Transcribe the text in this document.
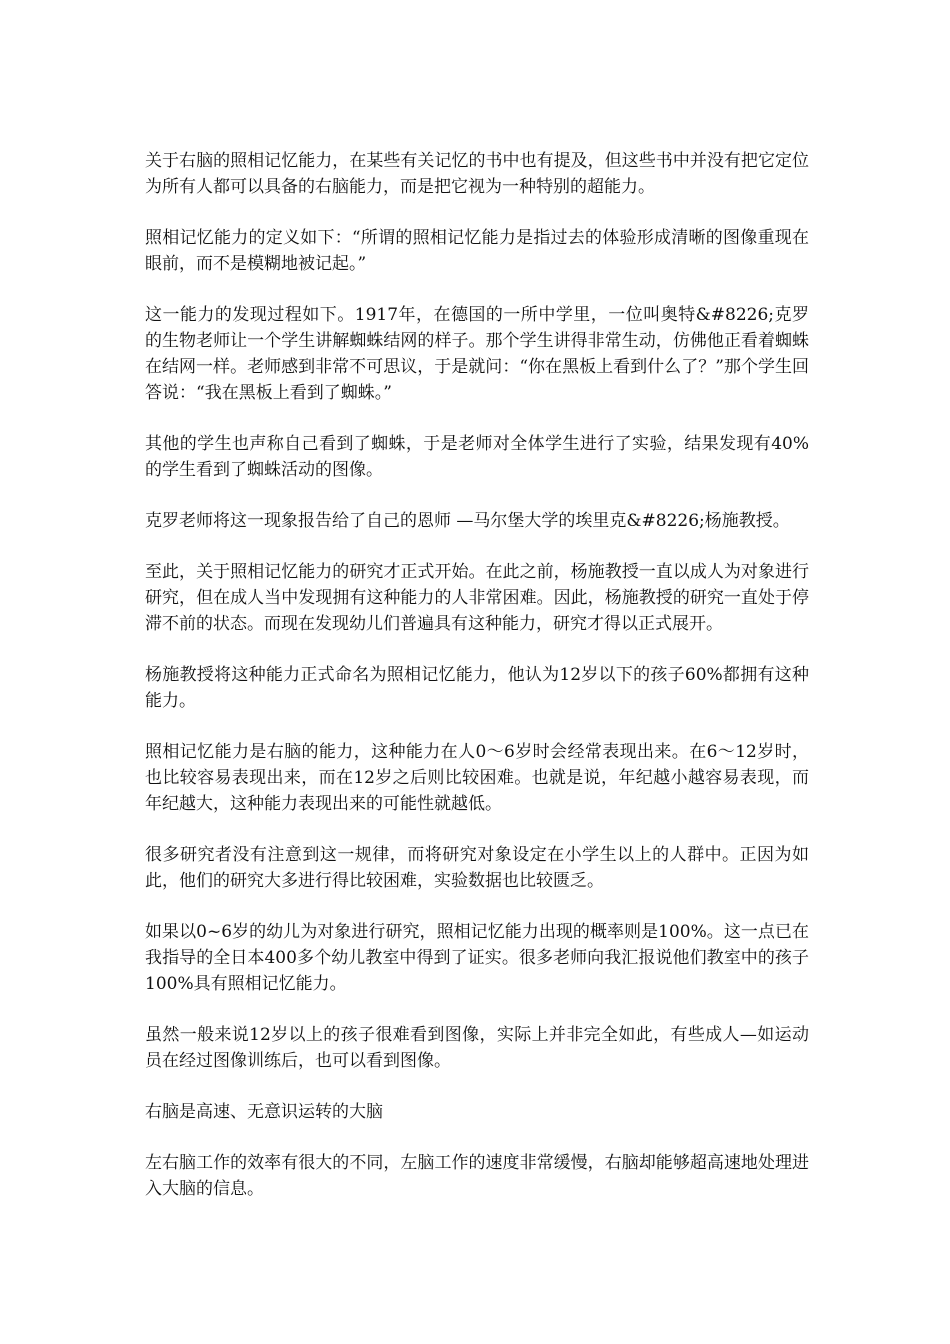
关于右脑的照相记忆能力，在某些有关记忆的书中也有提及，但这些书中并没有把它定位为所有人都可以具备的右脑能力，而是把它视为一种特别的超能力。

照相记忆能力的定义如下：“所谓的照相记忆能力是指过去的体验形成清晰的图像重现在眼前，而不是模糊地被记起。”

这一能力的发现过程如下。1917年，在德国的一所中学里，一位叫奥特&#8226;克罗的生物老师让一个学生讲解蜘蛛结网的样子。那个学生讲得非常生动，仿佛他正看着蜘蛛在结网一样。老师感到非常不可思议，于是就问：“你在黑板上看到什么了？”那个学生回答说：“我在黑板上看到了蜘蛛。”

其他的学生也声称自己看到了蜘蛛，于是老师对全体学生进行了实验，结果发现有40%的学生看到了蜘蛛活动的图像。

克罗老师将这一现象报告给了自己的恩师 —马尔堡大学的埃里克&#8226;杨施教授。

至此，关于照相记忆能力的研究才正式开始。在此之前，杨施教授一直以成人为对象进行研究，但在成人当中发现拥有这种能力的人非常困难。因此，杨施教授的研究一直处于停滞不前的状态。而现在发现幼儿们普遍具有这种能力，研究才得以正式展开。

杨施教授将这种能力正式命名为照相记忆能力，他认为12岁以下的孩子60%都拥有这种能力。

照相记忆能力是右脑的能力，这种能力在人0～6岁时会经常表现出来。在6～12岁时，也比较容易表现出来，而在12岁之后则比较困难。也就是说，年纪越小越容易表现，而年纪越大，这种能力表现出来的可能性就越低。

很多研究者没有注意到这一规律，而将研究对象设定在小学生以上的人群中。正因为如此，他们的研究大多进行得比较困难，实验数据也比较匮乏。

如果以0~6岁的幼儿为对象进行研究，照相记忆能力出现的概率则是100%。这一点已在我指导的全日本400多个幼儿教室中得到了证实。很多老师向我汇报说他们教室中的孩子100%具有照相记忆能力。

虽然一般来说12岁以上的孩子很难看到图像，实际上并非完全如此，有些成人—如运动员在经过图像训练后，也可以看到图像。

右脑是高速、无意识运转的大脑

左右脑工作的效率有很大的不同，左脑工作的速度非常缓慢，右脑却能够超高速地处理进入大脑的信息。
